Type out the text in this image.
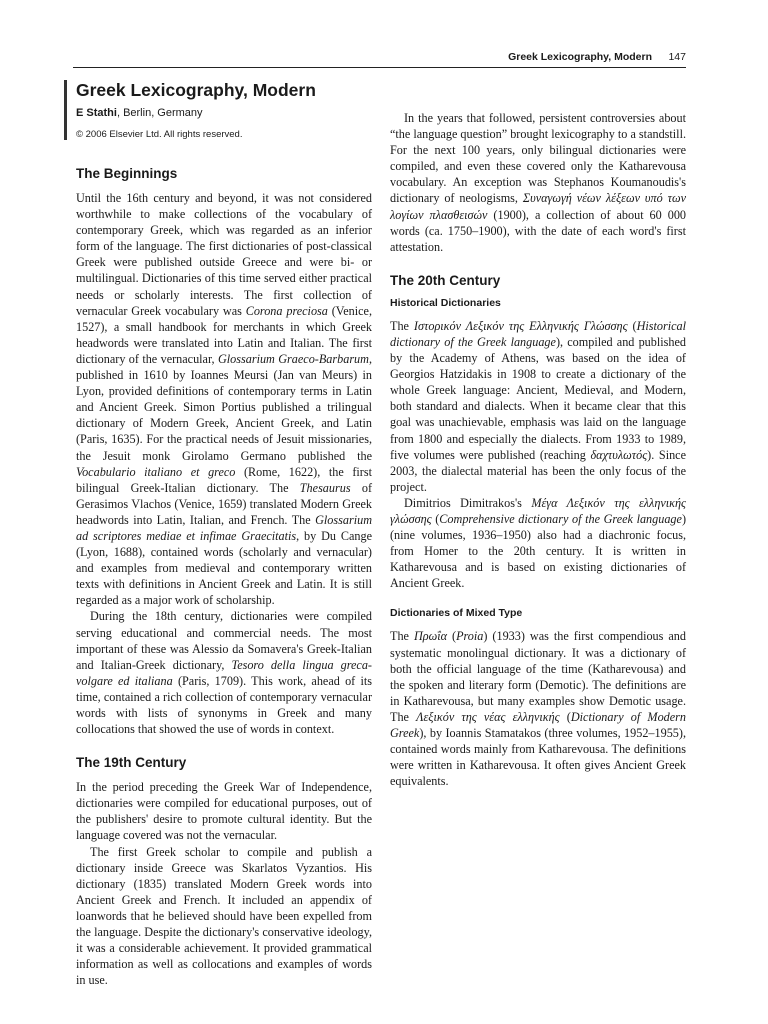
Greek Lexicography, Modern 147
Greek Lexicography, Modern
E Stathi, Berlin, Germany
© 2006 Elsevier Ltd. All rights reserved.
The Beginnings

Until the 16th century and beyond, it was not considered worthwhile to make collections of the vocabulary of contemporary Greek, which was regarded as an inferior form of the language. The first dictionaries of post-classical Greek were published outside Greece and were bi- or multilingual. Dictionaries of this time served either practical needs or scholarly interests. The first collection of vernacular Greek vocabulary was Corona preciosa (Venice, 1527), a small handbook for merchants in which Greek headwords were translated into Latin and Italian. The first dictionary of the vernacular, Glossarium Graeco-Barbarum, published in 1610 by Ioannes Meursi (Jan van Meurs) in Lyon, provided definitions of contemporary terms in Latin and Ancient Greek. Simon Portius published a trilingual dictionary of Modern Greek, Ancient Greek, and Latin (Paris, 1635). For the practical needs of Jesuit missionaries, the Jesuit monk Girolamo Germano published the Vocabulario italiano et greco (Rome, 1622), the first bilingual Greek-Italian dictionary. The Thesaurus of Gerasimos Vlachos (Venice, 1659) translated Modern Greek headwords into Latin, Italian, and French. The Glossarium ad scriptores mediae et infimae Graecitatis, by Du Cange (Lyon, 1688), contained words (scholarly and vernacular) and examples from medieval and contemporary written texts with definitions in Ancient Greek and Latin. It is still regarded as a major work of scholarship.

During the 18th century, dictionaries were compiled serving educational and commercial needs. The most important of these was Alessio da Somavera's Greek-Italian and Italian-Greek dictionary, Tesoro della lingua greca-volgare ed italiana (Paris, 1709). This work, ahead of its time, contained a rich collection of contemporary vernacular words with lists of synonyms in Greek and many collocations that showed the use of words in context.

The 19th Century

In the period preceding the Greek War of Independence, dictionaries were compiled for educational purposes, out of the publishers' desire to promote cultural identity. But the language covered was not the vernacular.

The first Greek scholar to compile and publish a dictionary inside Greece was Skarlatos Vyzantios. His dictionary (1835) translated Modern Greek words into Ancient Greek and French. It included an appendix of loanwords that he believed should have been expelled from the language. Despite the dictionary's conservative ideology, it was a considerable achievement. It provided grammatical information as well as collocations and examples of words in use.

In the years that followed, persistent controversies about “the language question” brought lexicography to a standstill. For the next 100 years, only bilingual dictionaries were compiled, and even these covered only the Katharevousa vocabulary. An exception was Stephanos Koumanoudis's dictionary of neologisms, Συναγωγή νέων λέξεων υπό των λογίων πλασθεισών (1900), a collection of about 60 000 words (ca. 1750–1900), with the date of each word's first attestation.

The 20th Century
Historical Dictionaries

The Ιστορικόν Λεξικόν της Ελληνικής Γλώσσης (Historical dictionary of the Greek language), compiled and published by the Academy of Athens, was based on the idea of Georgios Hatzidakis in 1908 to create a dictionary of the whole Greek language: Ancient, Medieval, and Modern, both standard and dialects. When it became clear that this goal was unachievable, emphasis was laid on the language from 1800 and especially the dialects. From 1933 to 1989, five volumes were published (reaching δαχτυλωτός). Since 2003, the dialectal material has been the only focus of the project.

Dimitrios Dimitrakos's Μέγα Λεξικόν της ελληνικής γλώσσης (Comprehensive dictionary of the Greek language) (nine volumes, 1936–1950) also had a diachronic focus, from Homer to the 20th century. It is written in Katharevousa and is based on existing dictionaries of Ancient Greek.

Dictionaries of Mixed Type

The Πρωΐα (Proia) (1933) was the first compendious and systematic monolingual dictionary. It was a dictionary of both the official language of the time (Katharevousa) and the spoken and literary form (Demotic). The definitions are in Katharevousa, but many examples show Demotic usage. The Λεξικόν της νέας ελληνικής (Dictionary of Modern Greek), by Ioannis Stamatakos (three volumes, 1952–1955), contained words mainly from Katharevousa. The definitions were written in Katharevousa. It often gives Ancient Greek equivalents.
